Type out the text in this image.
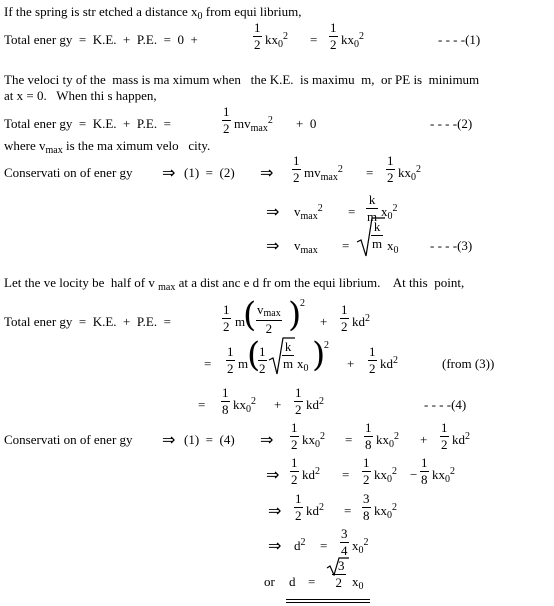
If the spring is str etched a distance $x_0$ from equi librium,
Total ener gy  =  K.E.  +  P.E.  =  0  +
1
2 $kx_0^2$ =
1
2 $kx_0^2$	- - - -(1)
The veloci ty of the  mass is ma ximum when   the K.E.  is maximu  m,  or PE is  minimum
at x = 0.   When thi s happen,
Total ener gy  =  K.E.  +  P.E.  =
1
2 $mv_{max}^2 + 0$	- - - -(2)
where $v_{max}$ is the ma ximum velo   city.
Conservati on of ener gy ⇒ (1)  =  (2) ⇒
1
2 $mv_{max}^2$ =
1
2 $kx_0^2$
⇒ $v_{max}^2$ =
k
m $x_0^2$
⇒ $v_{max}$ =
k
m $x_0$ - - - -(3)
Let the ve locity be  half of v $_{max}$ at a dist anc e d fr om the equi librium.    At this  point,
Total ener gy  =  K.E.  +  P.E.  =
1
2 m
( vmax
2 )
2
+
1
2 $kd^2$
=
1
2 m
(
1
2
k
m $x_0$ )
2
+
1
2 $kd^2$	(from (3))
=
1
8 $kx_0^2$ +
1
2 $kd^2$	- - - -(4)
Conservati on of ener gy ⇒ (1)  =  (4) ⇒
1
2 $kx_0^2$ =
1
8 $kx_0^2$ +
1
2 $kd^2$
⇒
1
2 $kd^2$ =
1
2 $kx_0^2$ −
1
8 $kx_0^2$
⇒
1
2 $kd^2$ =
3
8 $kx_0^2$
⇒ $d^2$ =
3
4 $x_0^2$
or d =
3
2 $x_0$
